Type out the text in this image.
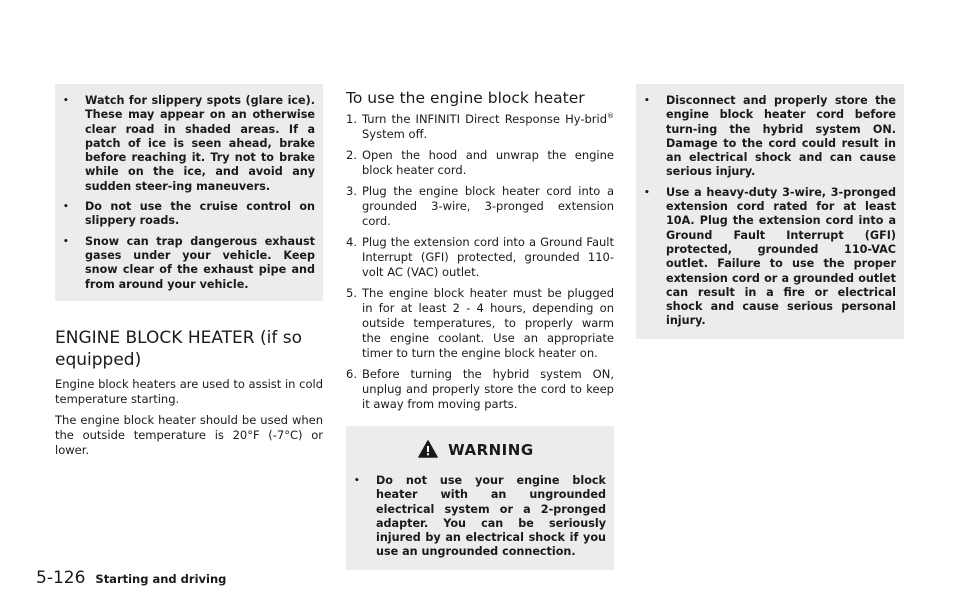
• Watch for slippery spots (glare ice). These may appear on an otherwise clear road in shaded areas. If a patch of ice is seen ahead, brake before reaching it. Try not to brake while on the ice, and avoid any sudden steer-ing maneuvers.
• Do not use the cruise control on slippery roads.
• Snow can trap dangerous exhaust gases under your vehicle. Keep snow clear of the exhaust pipe and from around your vehicle.
ENGINE BLOCK HEATER (if so
equipped)

Engine block heaters are used to assist in cold temperature starting.

The engine block heater should be used when the outside temperature is 20°F (-7°C) or lower.

To use the engine block heater
1. Turn the INFINITI Direct Response Hy-brid® System off.
2. Open the hood and unwrap the engine block heater cord.
3. Plug the engine block heater cord into a grounded 3-wire, 3-pronged extension cord.
4. Plug the extension cord into a Ground Fault Interrupt (GFI) protected, grounded 110-volt AC (VAC) outlet.
5. The engine block heater must be plugged in for at least 2 - 4 hours, depending on outside temperatures, to properly warm the engine coolant. Use an appropriate timer to turn the engine block heater on.
6. Before turning the hybrid system ON, unplug and properly store the cord to keep it away from moving parts.
WARNING
• Do not use your engine block heater with an ungrounded electrical system or a 2-pronged adapter. You can be seriously injured by an electrical shock if you use an ungrounded connection.
• Disconnect and properly store the engine block heater cord before turn-ing the hybrid system ON. Damage to the cord could result in an electrical shock and can cause serious injury.
• Use a heavy-duty 3-wire, 3-pronged extension cord rated for at least 10A. Plug the extension cord into a Ground Fault Interrupt (GFI) protected, grounded 110-VAC outlet. Failure to use the proper extension cord or a grounded outlet can result in a fire or electrical shock and cause serious personal injury.
5-126 Starting and driving
